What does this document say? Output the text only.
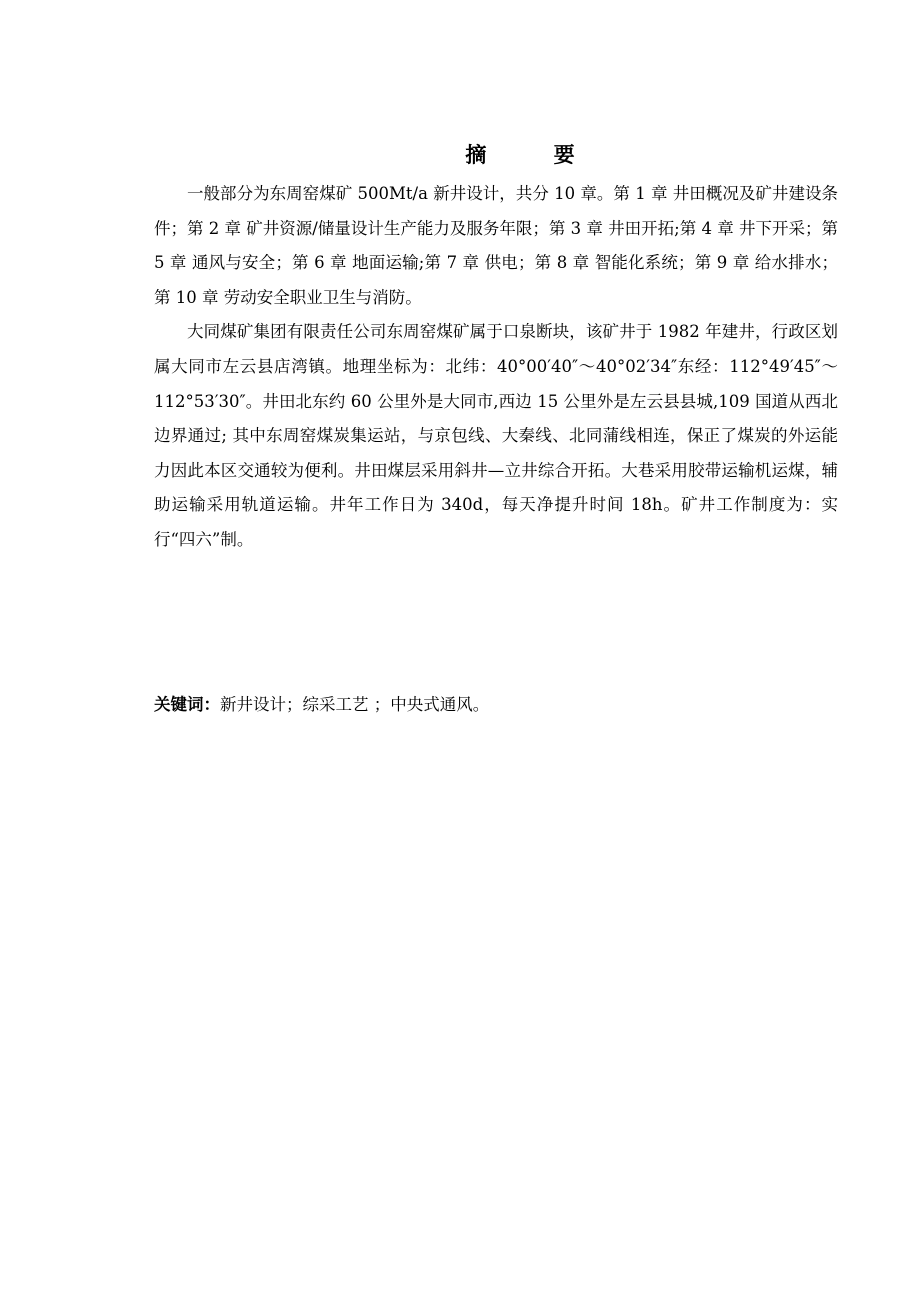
摘 要

一般部分为东周窑煤矿 500Mt/a 新井设计，共分 10 章。第 1 章 井田概况及矿井建设条件；第 2 章 矿井资源/储量设计生产能力及服务年限；第 3 章 井田开拓;第 4 章 井下开采；第 5 章 通风与安全；第 6 章 地面运输;第 7 章 供电；第 8 章 智能化系统；第 9 章 给水排水；第 10 章 劳动安全职业卫生与消防。

大同煤矿集团有限责任公司东周窑煤矿属于口泉断块，该矿井于 1982 年建井，行政区划属大同市左云县店湾镇。地理坐标为：北纬：40°00′40″～40°02′34″东经：112°49′45″～112°53′30″。井田北东约 60 公里外是大同市,西边 15 公里外是左云县县城,109 国道从西北边界通过; 其中东周窑煤炭集运站，与京包线、大秦线、北同蒲线相连，保正了煤炭的外运能力因此本区交通较为便利。井田煤层采用斜井—立井综合开拓。大巷采用胶带运输机运煤，辅助运输采用轨道运输。井年工作日为 340d，每天净提升时间 18h。矿井工作制度为：实行“四六”制。

关键词：新井设计；综采工艺 ；中央式通风。
